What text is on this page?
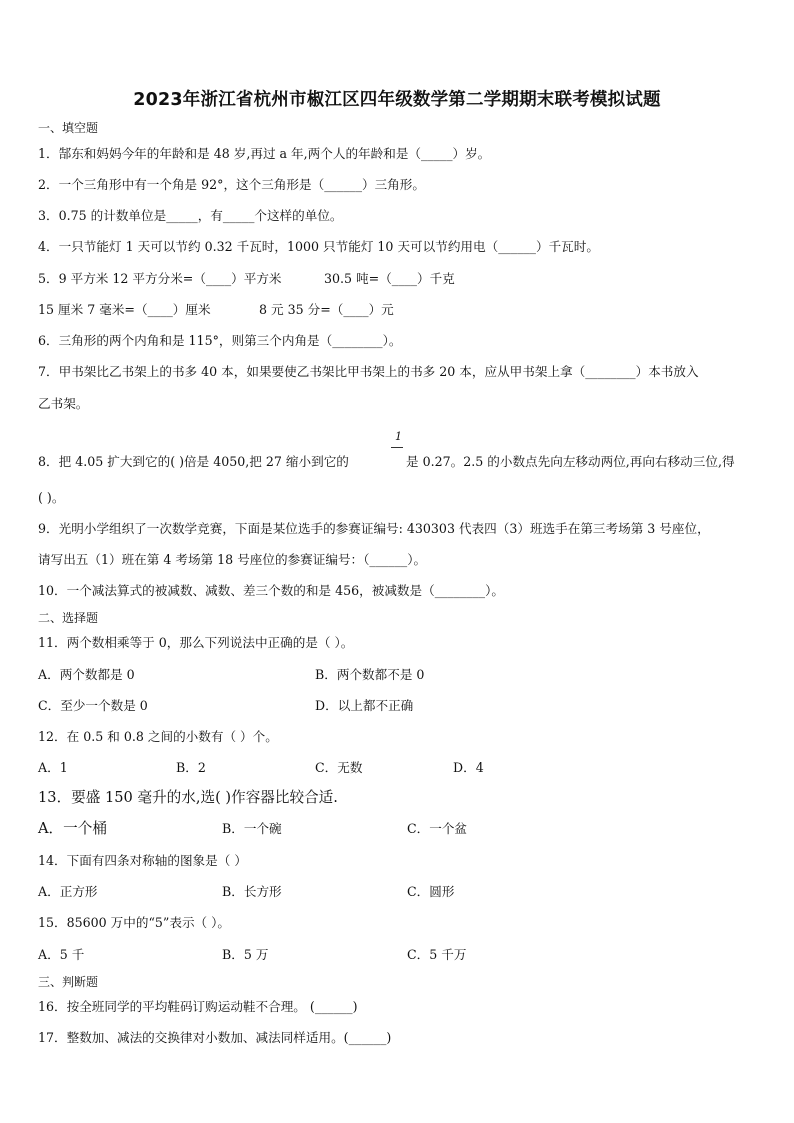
2023年浙江省杭州市椒江区四年级数学第二学期期末联考模拟试题
一、填空题
1．郜东和妈妈今年的年龄和是 48 岁,再过 a 年,两个人的年龄和是（_____）岁。
2．一个三角形中有一个角是 92°，这个三角形是（______）三角形。
3．0.75 的计数单位是_____，有_____个这样的单位。
4．一只节能灯 1 天可以节约 0.32 千瓦时，1000 只节能灯 10 天可以节约用电（______）千瓦时。
5．9 平方米 12 平方分米=（____）平方米	30.5 吨=（____）千克
15 厘米 7 毫米=（____）厘米	8 元 35 分=（____）元
6．三角形的两个内角和是 115°，则第三个内角是（________）。
7．甲书架比乙书架上的书多 40 本，如果要使乙书架比甲书架上的书多 20 本，应从甲书架上拿（________）本书放入
乙书架。
1
8．把 4.05 扩大到它的( )倍是 4050,把 27 缩小到它的	是 0.27。2.5 的小数点先向左移动两位,再向右移动三位,得
( )。
9．光明小学组织了一次数学竞赛，下面是某位选手的参赛证编号: 430303 代表四（3）班选手在第三考场第 3 号座位，
请写出五（1）班在第 4 考场第 18 号座位的参赛证编号：（______）。
10．一个减法算式的被减数、减数、差三个数的和是 456，被减数是（________）。
二、选择题
11．两个数相乘等于 0，那么下列说法中正确的是（ ）。
A．两个数都是 0	B．两个数都不是 0
C．至少一个数是 0	D．以上都不正确
12．在 0.5 和 0.8 之间的小数有（ ）个。
A．1	B．2	C．无数	D．4
13．要盛 150 毫升的水,选( )作容器比较合适.
A．一个桶	B．一个碗	C．一个盆
14．下面有四条对称轴的图象是（ ）
A．正方形	B．长方形	C．圆形
15．85600 万中的“5”表示（ ）。
A．5 千	B．5 万	C．5 千万
三、判断题
16．按全班同学的平均鞋码订购运动鞋不合理。 (______)
17．整数加、减法的交换律对小数加、减法同样适用。(______)
